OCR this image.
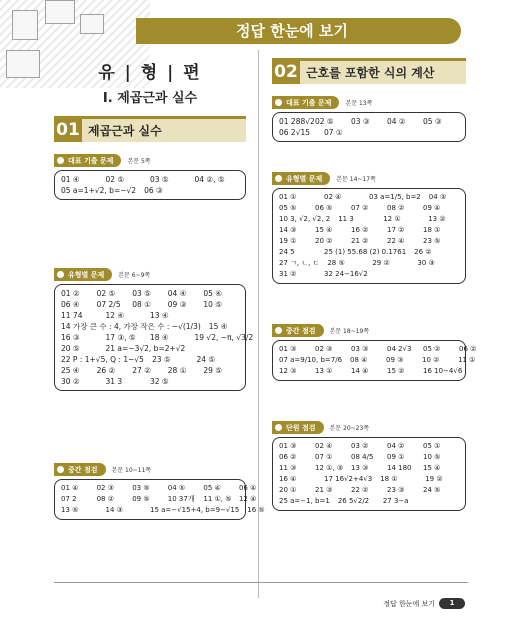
정답 한눈에 보기
유 | 형 | 편
I. 제곱근과 실수
01 제곱근과 실수
대표 기출 문제	본문 5쪽
01 ④	02 ⑤	03 ⑤	04 ②, ⑤
05 a=1+√2, b=−√2 06 ③
유형별 문제	본문 6~9쪽
01 ②	02 ⑤	03 ⑤	04 ④	05 ④
06 ④	07 2/5	08 ①	09 ③	10 ⑤
11 74	12 ④	13 ④
14 가장 큰 수 : 4, 가장 작은 수 : −√(1/3) 15 ④
16 ③	17 ③, ⑤	18 ④	19 √2, −π, √3/2
20 ⑤	21 a=−3√2, b=2+√2
22 P : 1+√5, Q : 1−√5 23 ⑤	24 ⑤
25 ④	26 ②	27 ②	28 ①	29 ⑤
30 ②	31 3	32 ⑤
중간 점검	본문 10~11쪽
01 ④	02 ③	03 ⑤	04 ⑤	05 ④	06 ④
07 2	08 ②	09 ⑤	10 37개	11 ①, ⑤	12 ④
13 ⑤	14 ③	15 a=−√15+4, b=9−√15 16 ⑤
02 근호를 포함한 식의 계산
대표 기출 문제	본문 13쪽
01 288√2 02 ⑤	03 ③	04 ②	05 ③
06 2√15	07 ①
유형별 문제	본문 14~17쪽
01 ①	02 ④	03 a=1/5, b=2 04 ③
05 ⑤	06 ⑤	07 ②	08 ②	09 ④
10 3, √2, √2, 2 11 3	12 ①	13 ②
14 ③	15 ④	16 ②	17 ②	18 ①
19 ①	20 ②	21 ②	22 ④	23 ⑤
24 5	25 (1) 55.68 (2) 0.1761 26 ②
27 ㄱ, ㄴ, ㄷ 28 ⑤	29 ②	30 ③
31 ②	32 24−16√2
중간 점검	본문 18~19쪽
01 ③	02 ③	03 ③	04 2√3	05 ②	06 ②
07 a=9/10, b=7/6 08 ④	09 ③	10 ②	11 ①
12 ③	13 ①	14 ④	15 ②	16 10−4√6
단원 점검	본문 20~23쪽
01 ③	02 ④	03 ②	04 ②	05 ①
06 ②	07 ①	08 4/5	09 ①	10 ⑤
11 ③	12 ①, ③	13 ③	14 180	15 ④
16 ④	17 16√2+4√3 18 ①	19 ②
20 ①	21 ③	22 ②	23 ③	24 ⑤
25 a=−1, b=1 26 5√2/2	27 3−a
정답 한눈에 보기	1
